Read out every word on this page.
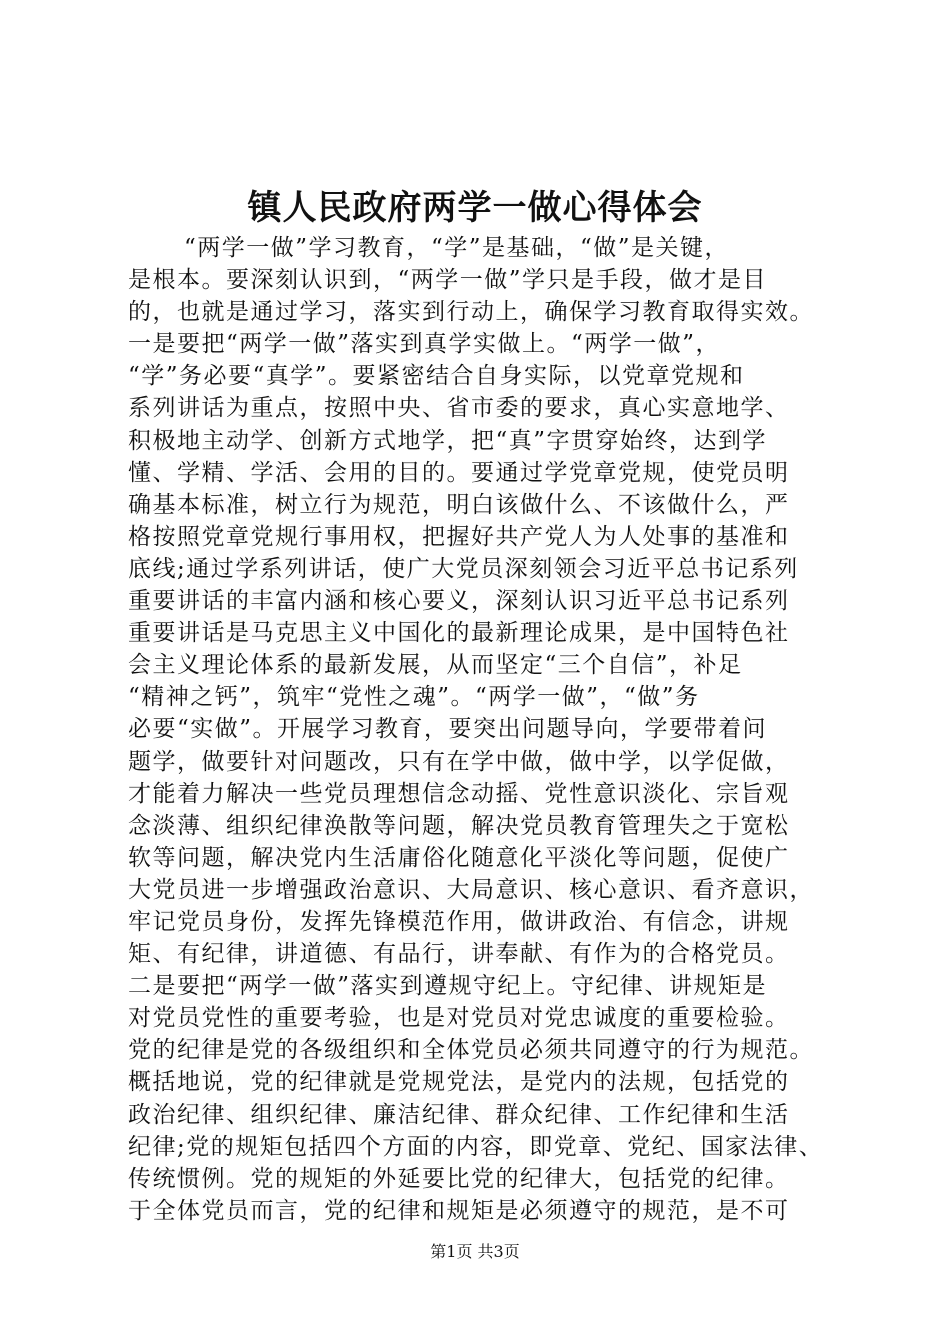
镇人民政府两学一做心得体会
“两学一做”学习教育，“学”是基础，“做”是关键，
是根本。要深刻认识到，“两学一做”学只是手段，做才是目
的，也就是通过学习，落实到行动上，确保学习教育取得实效。
一是要把“两学一做”落实到真学实做上。“两学一做”，
“学”务必要“真学”。要紧密结合自身实际，以党章党规和
系列讲话为重点，按照中央、省市委的要求，真心实意地学、
积极地主动学、创新方式地学，把“真”字贯穿始终，达到学
懂、学精、学活、会用的目的。要通过学党章党规，使党员明
确基本标准，树立行为规范，明白该做什么、不该做什么，严
格按照党章党规行事用权，把握好共产党人为人处事的基准和
底线;通过学系列讲话，使广大党员深刻领会习近平总书记系列
重要讲话的丰富内涵和核心要义，深刻认识习近平总书记系列
重要讲话是马克思主义中国化的最新理论成果，是中国特色社
会主义理论体系的最新发展，从而坚定“三个自信”，补足
“精神之钙”，筑牢“党性之魂”。“两学一做”，“做”务
必要“实做”。开展学习教育，要突出问题导向，学要带着问
题学，做要针对问题改，只有在学中做，做中学，以学促做，
才能着力解决一些党员理想信念动摇、党性意识淡化、宗旨观
念淡薄、组织纪律涣散等问题，解决党员教育管理失之于宽松
软等问题，解决党内生活庸俗化随意化平淡化等问题，促使广
大党员进一步增强政治意识、大局意识、核心意识、看齐意识，
牢记党员身份，发挥先锋模范作用，做讲政治、有信念，讲规
矩、有纪律，讲道德、有品行，讲奉献、有作为的合格党员。
二是要把“两学一做”落实到遵规守纪上。守纪律、讲规矩是
对党员党性的重要考验，也是对党员对党忠诚度的重要检验。
党的纪律是党的各级组织和全体党员必须共同遵守的行为规范。
概括地说，党的纪律就是党规党法，是党内的法规，包括党的
政治纪律、组织纪律、廉洁纪律、群众纪律、工作纪律和生活
纪律;党的规矩包括四个方面的内容，即党章、党纪、国家法律、
传统惯例。党的规矩的外延要比党的纪律大，包括党的纪律。
于全体党员而言，党的纪律和规矩是必须遵守的规范，是不可
第1页 共3页
